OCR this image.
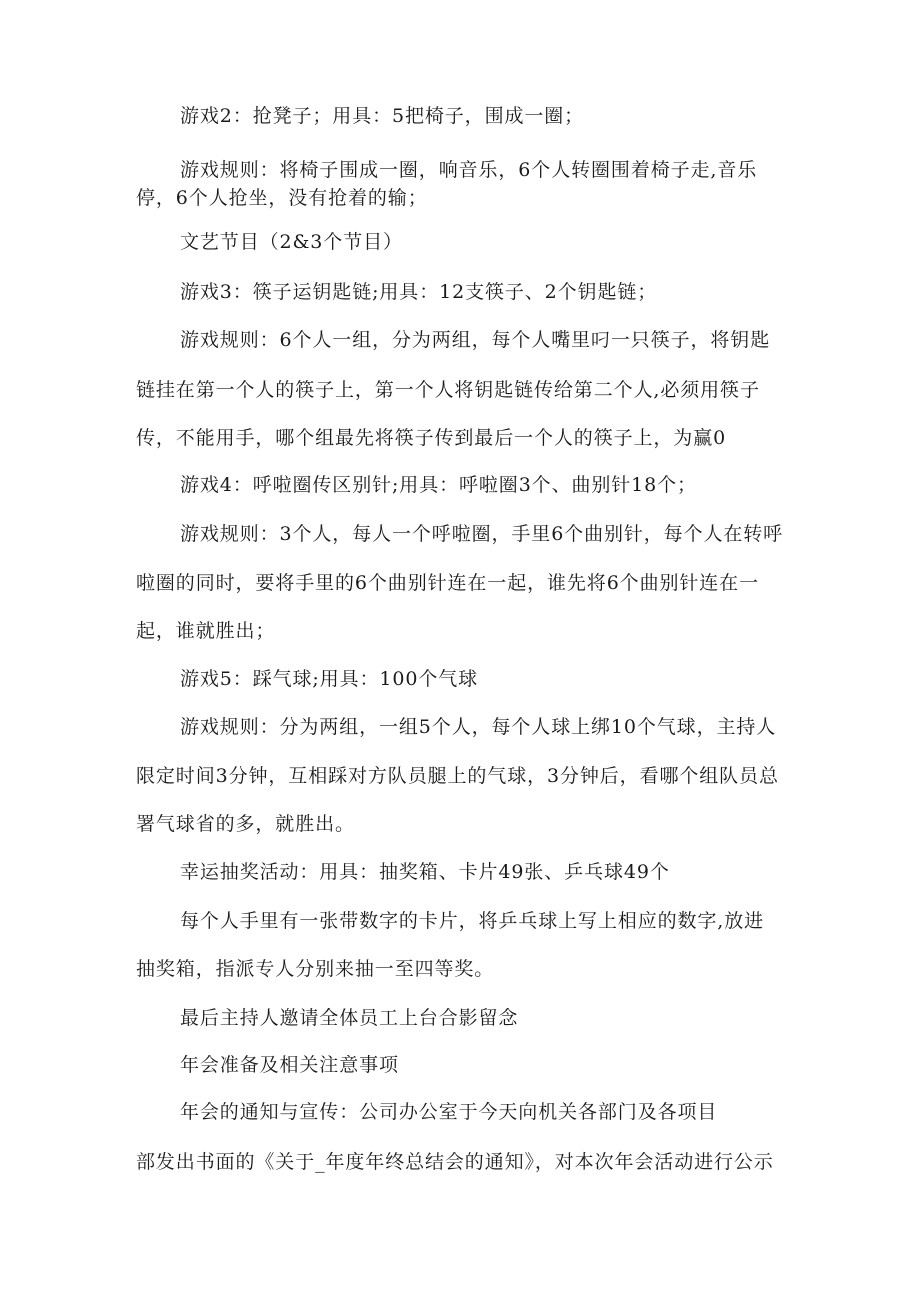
游戏2：抢凳子；用具：5把椅子，围成一圈；
游戏规则：将椅子围成一圈，响音乐，6个人转圈围着椅子走,音乐
停，6个人抢坐，没有抢着的输；
文艺节目（2&3个节目）
游戏3：筷子运钥匙链;用具：12支筷子、2个钥匙链；
游戏规则：6个人一组，分为两组，每个人嘴里叼一只筷子，将钥匙
链挂在第一个人的筷子上，第一个人将钥匙链传给第二个人,必须用筷子
传，不能用手，哪个组最先将筷子传到最后一个人的筷子上，为赢0
游戏4：呼啦圈传区别针;用具：呼啦圈3个、曲别针18个；
游戏规则：3个人，每人一个呼啦圈，手里6个曲别针，每个人在转呼
啦圈的同时，要将手里的6个曲别针连在一起，谁先将6个曲别针连在一
起，谁就胜出；
游戏5：踩气球;用具：100个气球
游戏规则：分为两组，一组5个人，每个人球上绑10个气球，主持人
限定时间3分钟，互相踩对方队员腿上的气球，3分钟后，看哪个组队员总
署气球省的多，就胜出。
幸运抽奖活动：用具：抽奖箱、卡片49张、乒乓球49个
每个人手里有一张带数字的卡片，将乒乓球上写上相应的数字,放进
抽奖箱，指派专人分别来抽一至四等奖。
最后主持人邀请全体员工上台合影留念
年会准备及相关注意事项
年会的通知与宣传：公司办公室于今天向机关各部门及各项目
部发出书面的《关于_年度年终总结会的通知》，对本次年会活动进行公示
